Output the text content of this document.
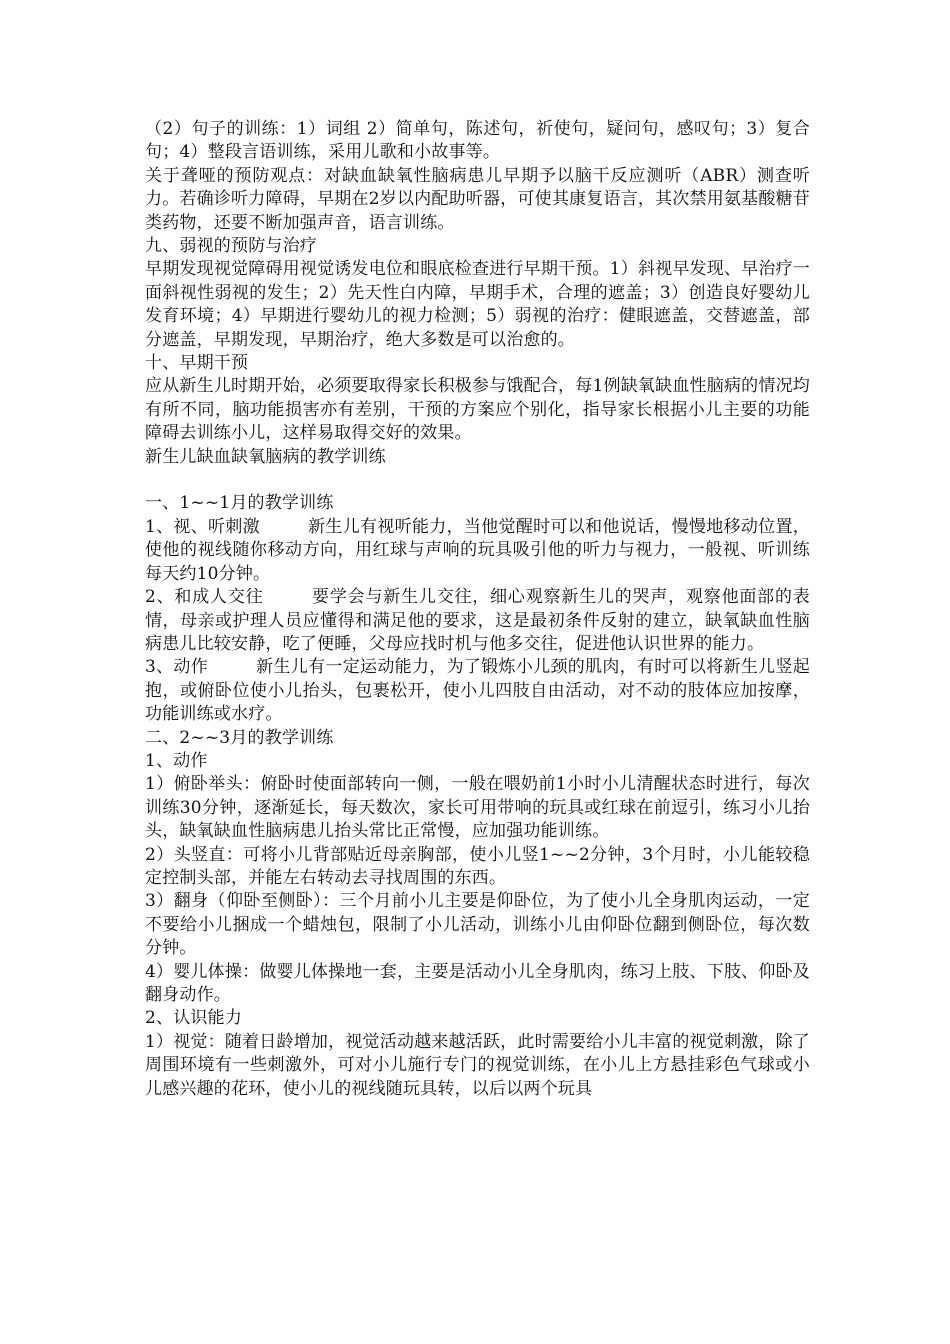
（2）句子的训练：1）词组 2）简单句，陈述句，祈使句，疑问句，感叹句；3）复合句；4）整段言语训练，采用儿歌和小故事等。

关于聋哑的预防观点：对缺血缺氧性脑病患儿早期予以脑干反应测听（ABR）测查听力。若确诊听力障碍，早期在2岁以内配助听器，可使其康复语言，其次禁用氨基酸糖苷类药物，还要不断加强声音，语言训练。

九、弱视的预防与治疗

早期发现视觉障碍用视觉诱发电位和眼底检查进行早期干预。1）斜视早发现、早治疗一面斜视性弱视的发生；2）先天性白内障，早期手术，合理的遮盖；3）创造良好婴幼儿发育环境；4）早期进行婴幼儿的视力检测；5）弱视的治疗：健眼遮盖，交替遮盖，部分遮盖，早期发现，早期治疗，绝大多数是可以治愈的。

十、早期干预

应从新生儿时期开始，必须要取得家长积极参与饿配合，每1例缺氧缺血性脑病的情况均有所不同，脑功能损害亦有差别，干预的方案应个别化，指导家长根据小儿主要的功能障碍去训练小儿，这样易取得交好的效果。

新生儿缺血缺氧脑病的教学训练

一、1~~1月的教学训练

1、视、听刺激	新生儿有视听能力，当他觉醒时可以和他说话，慢慢地移动位置，使他的视线随你移动方向，用红球与声响的玩具吸引他的听力与视力，一般视、听训练每天约10分钟。

2、和成人交往	要学会与新生儿交往，细心观察新生儿的哭声，观察他面部的表情，母亲或护理人员应懂得和满足他的要求，这是最初条件反射的建立，缺氧缺血性脑病患儿比较安静，吃了便睡，父母应找时机与他多交往，促进他认识世界的能力。

3、动作	新生儿有一定运动能力，为了锻炼小儿颈的肌肉，有时可以将新生儿竖起抱，或俯卧位使小儿抬头，包裹松开，使小儿四肢自由活动，对不动的肢体应加按摩，功能训练或水疗。

二、2~~3月的教学训练

1、动作

1）俯卧举头：俯卧时使面部转向一侧，一般在喂奶前1小时小儿清醒状态时进行，每次训练30分钟，逐渐延长，每天数次，家长可用带响的玩具或红球在前逗引，练习小儿抬头，缺氧缺血性脑病患儿抬头常比正常慢，应加强功能训练。

2）头竖直：可将小儿背部贴近母亲胸部，使小儿竖1~~2分钟，3个月时，小儿能较稳定控制头部，并能左右转动去寻找周围的东西。

3）翻身（仰卧至侧卧）：三个月前小儿主要是仰卧位，为了使小儿全身肌肉运动，一定不要给小儿捆成一个蜡烛包，限制了小儿活动，训练小儿由仰卧位翻到侧卧位，每次数分钟。

4）婴儿体操：做婴儿体操地一套，主要是活动小儿全身肌肉，练习上肢、下肢、仰卧及翻身动作。

2、认识能力

1）视觉：随着日龄增加，视觉活动越来越活跃，此时需要给小儿丰富的视觉刺激，除了周围环境有一些刺激外，可对小儿施行专门的视觉训练，在小儿上方悬挂彩色气球或小儿感兴趣的花环，使小儿的视线随玩具转，以后以两个玩具
